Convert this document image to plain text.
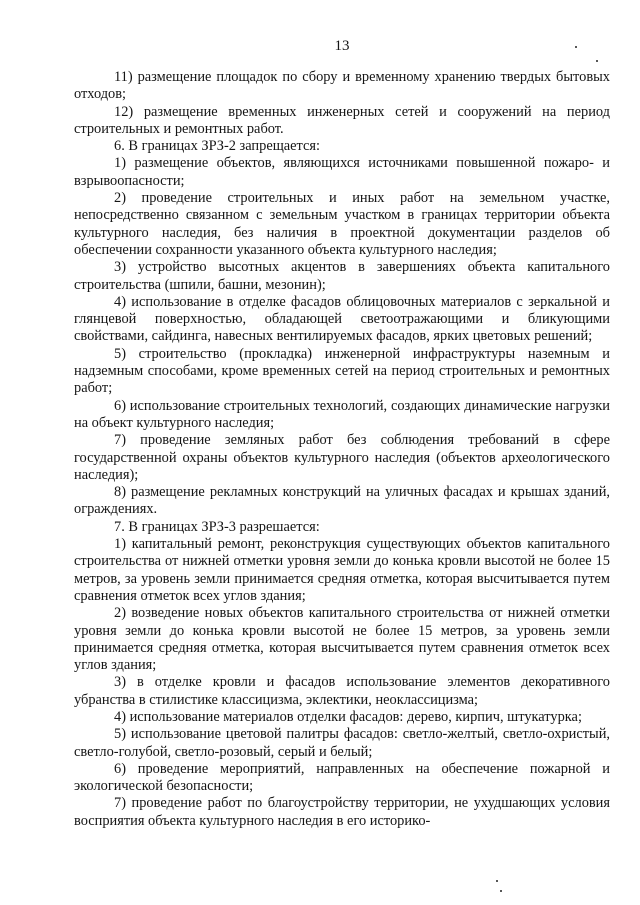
13

11) размещение площадок по сбору и временному хранению твердых бытовых отходов;

12) размещение временных инженерных сетей и сооружений на период строительных и ремонтных работ.

6. В границах ЗРЗ-2 запрещается:

1) размещение объектов, являющихся источниками повышенной пожаро- и взрывоопасности;

2) проведение строительных и иных работ на земельном участке, непосредственно связанном с земельным участком в границах территории объекта культурного наследия, без наличия в проектной документации разделов об обеспечении сохранности указанного объекта культурного наследия;

3) устройство высотных акцентов в завершениях объекта капитального строительства (шпили, башни, мезонин);

4) использование в отделке фасадов облицовочных материалов с зеркальной и глянцевой поверхностью, обладающей светоотражающими и бликующими свойствами, сайдинга, навесных вентилируемых фасадов, ярких цветовых решений;

5) строительство (прокладка) инженерной инфраструктуры наземным и надземным способами, кроме временных сетей на период строительных и ремонтных работ;

6) использование строительных технологий, создающих динамические нагрузки на объект культурного наследия;

7) проведение земляных работ без соблюдения требований в сфере государственной охраны объектов культурного наследия (объектов археологического наследия);

8) размещение рекламных конструкций на уличных фасадах и крышах зданий, ограждениях.

7. В границах ЗРЗ-3 разрешается:

1) капитальный ремонт, реконструкция существующих объектов капитального строительства от нижней отметки уровня земли до конька кровли высотой не более 15 метров, за уровень земли принимается средняя отметка, которая высчитывается путем сравнения отметок всех углов здания;

2) возведение новых объектов капитального строительства от нижней отметки уровня земли до конька кровли высотой не более 15 метров, за уровень земли принимается средняя отметка, которая высчитывается путем сравнения отметок всех углов здания;

3) в отделке кровли и фасадов использование элементов декоративного убранства в стилистике классицизма, эклектики, неоклассицизма;

4) использование материалов отделки фасадов: дерево, кирпич, штукатурка;

5) использование цветовой палитры фасадов: светло-желтый, светло-охристый, светло-голубой, светло-розовый, серый и белый;

6) проведение мероприятий, направленных на обеспечение пожарной и экологической безопасности;

7) проведение работ по благоустройству территории, не ухудшающих условия восприятия объекта культурного наследия в его историко-
